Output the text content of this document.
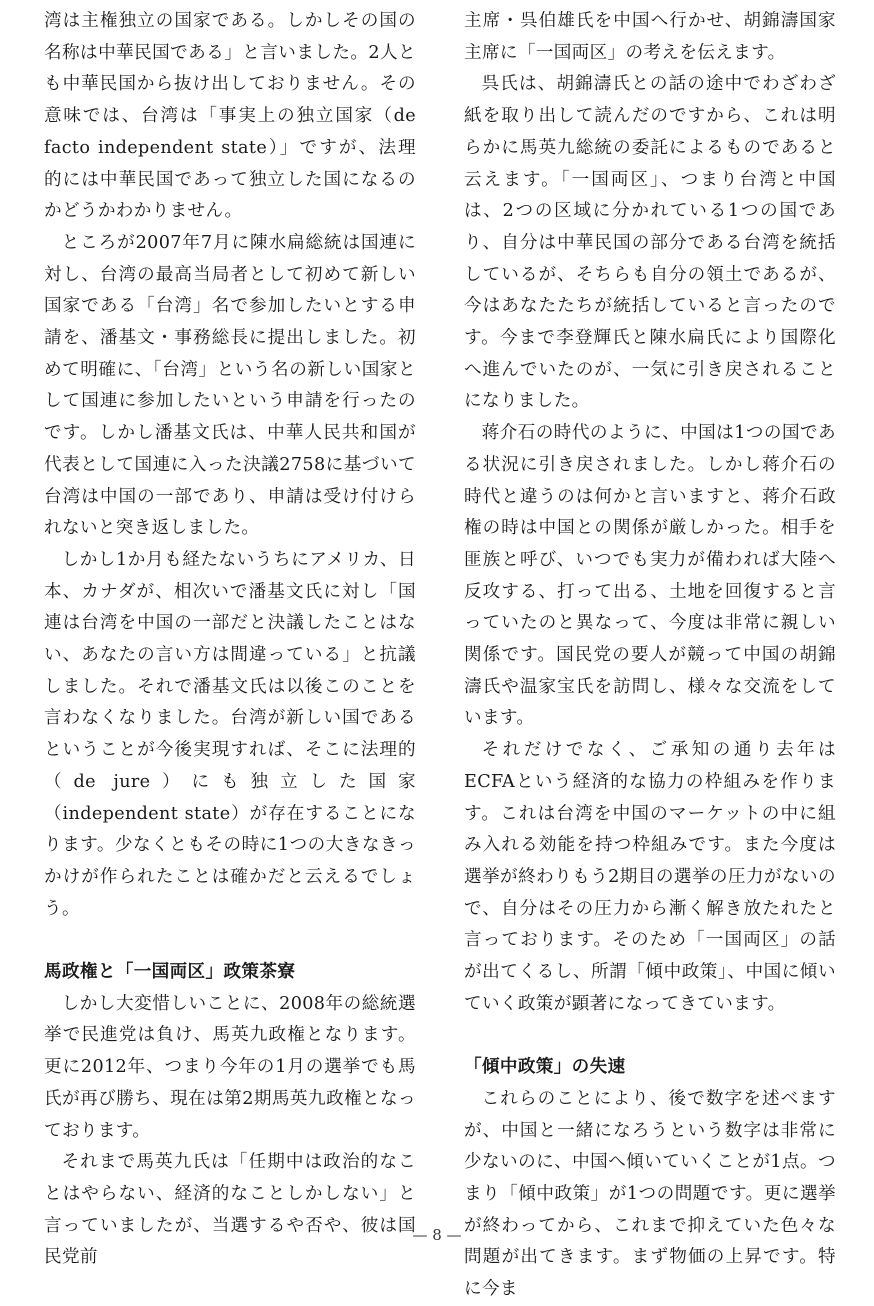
湾は主権独立の国家である。しかしその国の名称は中華民国である」と言いました。2人とも中華民国から抜け出しておりません。その意味では、台湾は「事実上の独立国家（de facto independent state）」ですが、法理的には中華民国であって独立した国になるのかどうかわかりません。

ところが2007年7月に陳水扁総統は国連に対し、台湾の最高当局者として初めて新しい国家である「台湾」名で参加したいとする申請を、潘基文・事務総長に提出しました。初めて明確に、「台湾」という名の新しい国家として国連に参加したいという申請を行ったのです。しかし潘基文氏は、中華人民共和国が代表として国連に入った決議2758に基づいて台湾は中国の一部であり、申請は受け付けられないと突き返しました。

しかし1か月も経たないうちにアメリカ、日本、カナダが、相次いで潘基文氏に対し「国連は台湾を中国の一部だと決議したことはない、あなたの言い方は間違っている」と抗議しました。それで潘基文氏は以後このことを言わなくなりました。台湾が新しい国であるということが今後実現すれば、そこに法理的（de jure）にも独立した国家（independent state）が存在することになります。少なくともその時に1つの大きなきっかけが作られたことは確かだと云えるでしょう。

馬政権と「一国両区」政策茶寮

しかし大変惜しいことに、2008年の総統選挙で民進党は負け、馬英九政権となります。更に2012年、つまり今年の1月の選挙でも馬氏が再び勝ち、現在は第2期馬英九政権となっております。

それまで馬英九氏は「任期中は政治的なことはやらない、経済的なことしかしない」と言っていましたが、当選するや否や、彼は国民党前

主席・呉伯雄氏を中国へ行かせ、胡錦濤国家主席に「一国両区」の考えを伝えます。

呉氏は、胡錦濤氏との話の途中でわざわざ紙を取り出して読んだのですから、これは明らかに馬英九総統の委託によるものであると云えます。「一国両区」、つまり台湾と中国は、2つの区域に分かれている1つの国であり、自分は中華民国の部分である台湾を統括しているが、そちらも自分の領土であるが、今はあなたたちが統括していると言ったのです。今まで李登輝氏と陳水扁氏により国際化へ進んでいたのが、一気に引き戻されることになりました。

蒋介石の時代のように、中国は1つの国である状況に引き戻されました。しかし蒋介石の時代と違うのは何かと言いますと、蒋介石政権の時は中国との関係が厳しかった。相手を匪族と呼び、いつでも実力が備われば大陸へ反攻する、打って出る、土地を回復すると言っていたのと異なって、今度は非常に親しい関係です。国民党の要人が競って中国の胡錦濤氏や温家宝氏を訪問し、様々な交流をしています。

それだけでなく、ご承知の通り去年はECFAという経済的な協力の枠組みを作ります。これは台湾を中国のマーケットの中に組み入れる効能を持つ枠組みです。また今度は選挙が終わりもう2期目の選挙の圧力がないので、自分はその圧力から漸く解き放たれたと言っております。そのため「一国両区」の話が出てくるし、所謂「傾中政策」、中国に傾いていく政策が顕著になってきています。

「傾中政策」の失速

これらのことにより、後で数字を述べますが、中国と一緒になろうという数字は非常に少ないのに、中国へ傾いていくことが1点。つまり「傾中政策」が1つの問題です。更に選挙が終わってから、これまで抑えていた色々な問題が出てきます。まず物価の上昇です。特に今ま

— 8 —
